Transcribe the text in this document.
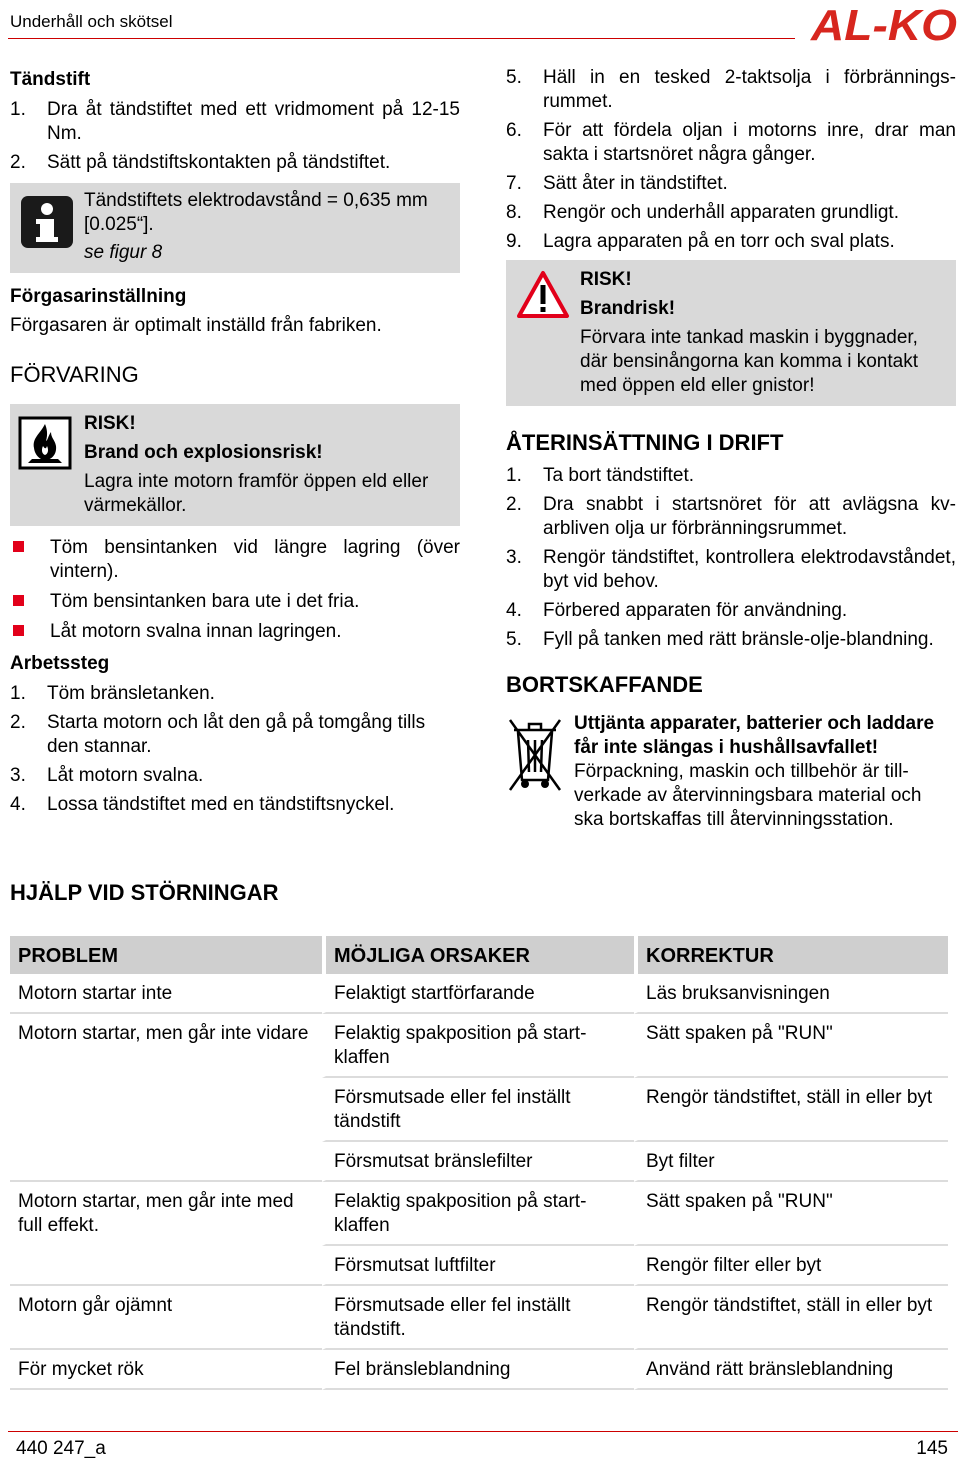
Underhåll och skötsel	AL-KO
Tändstift
1. Dra åt tändstiftet med ett vridmoment på 12-15 Nm.
2. Sätt på tändstiftskontakten på tändstiftet.
Tändstiftets elektrodavstånd = 0,635 mm [0.025“].
se figur 8
Förgasarinställning
Förgasaren är optimalt inställd från fabriken.
FÖRVARING
RISK!
Brand och explosionsrisk!
Lagra inte motorn framför öppen eld eller värmekällor.
Töm bensintanken vid längre lagring (över vintern).
Töm bensintanken bara ute i det fria.
Låt motorn svalna innan lagringen.
Arbetssteg
1. Töm bränsletanken.
2. Starta motorn och låt den gå på tomgång tills den stannar.
3. Låt motorn svalna.
4. Lossa tändstiftet med en tändstiftsnyckel.
HJÄLP VID STÖRNINGAR
5. Häll in en tesked 2-taktsolja i förbränningsrummet.
6. För att fördela oljan i motorns inre, drar man sakta i startsnöret några gånger.
7. Sätt åter in tändstiftet.
8. Rengör och underhåll apparaten grundligt.
9. Lagra apparaten på en torr och sval plats.
RISK!
Brandrisk!
Förvara inte tankad maskin i byggnader, där bensinångorna kan komma i kontakt med öppen eld eller gnistor!
ÅTERINSÄTTNING I DRIFT
1. Ta bort tändstiftet.
2. Dra snabbt i startsnöret för att avlägsna kvarbliven olja ur förbränningsrummet.
3. Rengör tändstiftet, kontrollera elektrodavståndet, byt vid behov.
4. Förbered apparaten för användning.
5. Fyll på tanken med rätt bränsle-olje-blandning.
BORTSKAFFANDE
Uttjänta apparater, batterier och laddare får inte slängas i hushållsavfallet!
Förpackning, maskin och tillbehör är tillverkade av återvinningsbara material och ska bortskaffas till återvinningsstation.
PROBLEM	MÖJLIGA ORSAKER	KORREKTUR
Motorn startar inte	Felaktigt startförfarande	Läs bruksanvisningen
Motorn startar, men går inte vidare	Felaktig spakposition på startklaffen	Sätt spaken på "RUN"
	Försmutsade eller fel inställt tändstift	Rengör tändstiftet, ställ in eller byt
	Försmutsat bränslefilter	Byt filter
Motorn startar, men går inte med full effekt.	Felaktig spakposition på startklaffen	Sätt spaken på "RUN"
	Försmutsat luftfilter	Rengör filter eller byt
Motorn går ojämnt	Försmutsade eller fel inställt tändstift.	Rengör tändstiftet, ställ in eller byt
För mycket rök	Fel bränsleblandning	Använd rätt bränsleblandning
440 247_a	145
